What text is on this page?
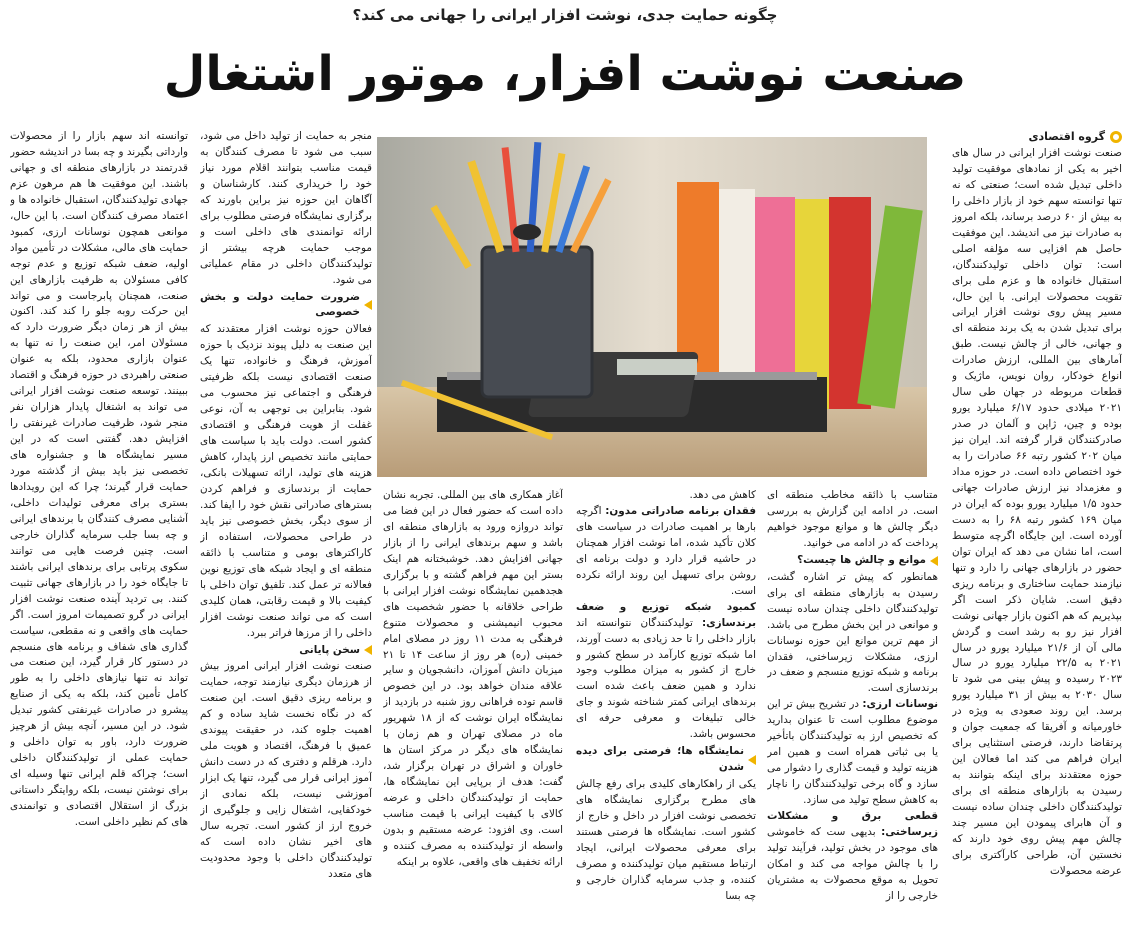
چگونه حمایت جدی، نوشت افزار ایرانی را جهانی می کند؟
صنعت نوشت افزار، موتور اشتغال
گروه اقتصادی

صنعت نوشت افزار ایرانی در سال های اخیر به یکی از نمادهای موفقیت تولید داخلی تبدیل شده است؛ صنعتی که نه تنها توانسته سهم خود از بازار داخلی را به بیش از ۶۰ درصد برساند، بلکه امروز به صادرات نیز می اندیشد. این موفقیت حاصل هم افزایی سه مؤلفه اصلی است: توان داخلی تولیدکنندگان، استقبال خانواده ها و عزم ملی برای تقویت محصولات ایرانی. با این حال، مسیر پیش روی نوشت افزار ایرانی برای تبدیل شدن به یک برند منطقه ای و جهانی، خالی از چالش نیست. طبق آمارهای بین المللی، ارزش صادرات انواع خودکار، روان نویس، ماژیک و قطعات مربوطه در جهان طی سال ۲۰۲۱ میلادی حدود ۶/۱۷ میلیارد یورو بوده و چین، ژاپن و آلمان در صدر صادرکنندگان قرار گرفته اند. ایران نیز میان ۲۰۲ کشور رتبه ۶۶ صادرات را به خود اختصاص داده است. در حوزه مداد و مغزمداد نیز ارزش صادرات جهانی حدود ۱/۵ میلیارد یورو بوده که ایران در میان ۱۶۹ کشور رتبه ۶۸ را به دست آورده است. این جایگاه اگرچه متوسط است، اما نشان می دهد که ایران توان حضور در بازارهای جهانی را دارد و تنها نیازمند حمایت ساختاری و برنامه ریزی دقیق است. شایان ذکر است اگر بپذیریم که هم اکنون بازار جهانی نوشت افزار نیز رو به رشد است و گردش مالی آن از ۲۱/۶ میلیارد یورو در سال ۲۰۲۱ به ۲۲/۵ میلیارد یورو در سال ۲۰۲۳ رسیده و پیش بینی می شود تا سال ۲۰۳۰ به بیش از ۳۱ میلیارد یورو برسد. این روند صعودی به ویژه در خاورمیانه و آفریقا که جمعیت جوان و پرتقاضا دارند، فرصتی استثنایی برای ایران فراهم می کند اما فعالان این حوزه معتقدند برای اینکه بتوانند به رسیدن به بازارهای منطقه ای برای تولیدکنندگان داخلی چندان ساده نیست و آن هابرای پیمودن این مسیر چند چالش مهم پیش روی خود دارند که نخستین آن، طراحی کارآکتری برای عرضه محصولات

متناسب با ذائقه مخاطب منطقه ای است. در ادامه این گزارش به بررسی دیگر چالش ها و موانع موجود خواهیم پرداخت که در ادامه می خوانید.

موانع و چالش ها چیست؟

همانطور که پیش تر اشاره گشت، رسیدن به بازارهای منطقه ای برای تولیدکنندگان داخلی چندان ساده نیست و موانعی در این بخش مطرح می باشد. از مهم ترین موانع این حوزه نوسانات ارزی، مشکلات زیرساختی، فقدان برنامه و شبکه توزیع منسجم و ضعف در برندسازی است.

نوسانات ارزی: در تشریح بیش تر این موضوع مطلوب است تا عنوان بدارید که تخصیص ارز به تولیدکنندگان باتأخیر یا بی ثباتی همراه است و همین امر هزینه تولید و قیمت گذاری را دشوار می سازد و گاه برخی تولیدکنندگان را ناچار به کاهش سطح تولید می سازد.

قطعی برق و مشکلات زیرساختی: بدیهی ست که خاموشی های موجود در بخش تولید، فرآیند تولید را با چالش مواجه می کند و امکان تحویل به موقع محصولات به مشتریان خارجی را از

کاهش می دهد.

فقدان برنامه صادراتی مدون: اگرچه بارها بر اهمیت صادرات در سیاست های کلان تأکید شده، اما نوشت افزار همچنان در حاشیه قرار دارد و دولت برنامه ای روشن برای تسهیل این روند ارائه نکرده است.

کمبود شبکه توزیع و ضعف برندسازی: تولیدکنندگان نتوانسته اند بازار داخلی را تا حد زیادی به دست آورند، اما شبکه توزیع کارآمد در سطح کشور و خارج از کشور به میزان مطلوب وجود ندارد و همین ضعف باعث شده است برندهای ایرانی کمتر شناخته شوند و جای خالی تبلیغات و معرفی حرفه ای محسوس باشد.

نمایشگاه ها؛ فرصتی برای دیده شدن

یکی از راهکارهای کلیدی برای رفع چالش های مطرح برگزاری نمایشگاه های تخصصی نوشت افزار در داخل و خارج از کشور است. نمایشگاه ها فرصتی هستند برای معرفی محصولات ایرانی، ایجاد ارتباط مستقیم میان تولیدکننده و مصرف کننده، و جذب سرمایه گذاران خارجی و چه بسا

آغاز همکاری های بین المللی. تجربه نشان داده است که حضور فعال در این فضا می تواند دروازه ورود به بازارهای منطقه ای باشد و سهم برندهای ایرانی را از بازار جهانی افزایش دهد. خوشبختانه هم اینک بستر این مهم فراهم گشته و با برگزاری هجدهمین نمایشگاه نوشت افزار ایرانی با طراحی خلاقانه با حضور شخصیت های محبوب انیمیشنی و محصولات متنوع فرهنگی به مدت ۱۱ روز در مصلای امام خمینی (ره) هر روز از ساعت ۱۴ تا ۲۱ میزبان دانش آموزان، دانشجویان و سایر علاقه مندان خواهد بود. در این خصوص قاسم توده فراهانی روز شنبه در بازدید از نمایشگاه ایران نوشت که از ۱۸ شهریور ماه در مصلای تهران و هم زمان با نمایشگاه های دیگر در مرکز استان ها خاوران و اشراق در تهران برگزار شد، گفت: هدف از برپایی این نمایشگاه ها، حمایت از تولیدکنندگان داخلی و عرضه کالای با کیفیت ایرانی با قیمت مناسب است. وی افزود: عرضه مستقیم و بدون واسطه از تولیدکننده به مصرف کننده و ارائه تخفیف های واقعی، علاوه بر اینکه

منجر به حمایت از تولید داخل می شود، سبب می شود تا مصرف کنندگان به قیمت مناسب بتوانند اقلام مورد نیاز خود را خریداری کنند. کارشناسان و آگاهان این حوزه نیز براین باورند که برگزاری نمایشگاه فرصتی مطلوب برای ارائه توانمندی های داخلی است و موجب حمایت هرچه بیشتر از تولیدکنندگان داخلی در مقام عملیاتی می شود.

ضرورت حمایت دولت و بخش خصوصی

فعالان حوزه نوشت افزار معتقدند که این صنعت به دلیل پیوند نزدیک با حوزه آموزش، فرهنگ و خانواده، تنها یک صنعت اقتصادی نیست بلکه ظرفیتی فرهنگی و اجتماعی نیز محسوب می شود. بنابراین بی توجهی به آن، نوعی غفلت از هویت فرهنگی و اقتصادی کشور است. دولت باید با سیاست های حمایتی مانند تخصیص ارز پایدار، کاهش هزینه های تولید، ارائه تسهیلات بانکی، حمایت از برندسازی و فراهم کردن بسترهای صادراتی نقش خود را ایفا کند. از سوی دیگر، بخش خصوصی نیز باید در طراحی محصولات، استفاده از کاراکترهای بومی و متناسب با ذائقه منطقه ای و ایجاد شبکه های توزیع نوین فعالانه تر عمل کند. تلفیق توان داخلی با کیفیت بالا و قیمت رقابتی، همان کلیدی است که می تواند صنعت نوشت افزار داخلی را از مرزها فراتر ببرد.

سخن پایانی

صنعت نوشت افزار ایرانی امروز بیش از هرزمان دیگری نیازمند توجه، حمایت و برنامه ریزی دقیق است. این صنعت که در نگاه نخست شاید ساده و کم اهمیت جلوه کند، در حقیقت پیوندی عمیق با فرهنگ، اقتصاد و هویت ملی دارد. هرقلم و دفتری که در دست دانش آموز ایرانی قرار می گیرد، تنها یک ابزار آموزشی نیست، بلکه نمادی از خودکفایی، اشتغال زایی و جلوگیری از خروج ارز از کشور است. تجربه سال های اخیر نشان داده است که تولیدکنندگان داخلی با وجود محدودیت های متعدد

توانسته اند سهم بازار را از محصولات وارداتی بگیرند و چه بسا در اندیشه حضور قدرتمند در بازارهای منطقه ای و جهانی باشند. این موفقیت ها هم مرهون عزم جهادی تولیدکنندگان، استقبال خانواده ها و اعتماد مصرف کنندگان است. با این حال، موانعی همچون نوسانات ارزی، کمبود حمایت های مالی، مشکلات در تأمین مواد اولیه، ضعف شبکه توزیع و عدم توجه کافی مسئولان به ظرفیت بازارهای این صنعت، همچنان پابرجاست و می تواند این حرکت روبه جلو را کند کند. اکنون بیش از هر زمان دیگر ضرورت دارد که مسئولان امر، این صنعت را نه تنها به عنوان بازاری محدود، بلکه به عنوان صنعتی راهبردی در حوزه فرهنگ و اقتصاد ببینند. توسعه صنعت نوشت افزار ایرانی می تواند به اشتغال پایدار هزاران نفر منجر شود، ظرفیت صادرات غیرنفتی را افزایش دهد. گفتنی است که در این مسیر نمایشگاه ها و جشنواره های تخصصی نیز باید بیش از گذشته مورد حمایت قرار گیرند؛ چرا که این رویدادها بستری برای معرفی تولیدات داخلی، آشنایی مصرف کنندگان با برندهای ایرانی و چه بسا جلب سرمایه گذاران خارجی است. چنین فرصت هایی می توانند سکوی پرتابی برای برندهای ایرانی باشند تا جایگاه خود را در بازارهای جهانی تثبیت کنند. بی تردید آینده صنعت نوشت افزار ایرانی در گرو تصمیمات امروز است. اگر حمایت های واقعی و نه مقطعی، سیاست گذاری های شفاف و برنامه های منسجم در دستور کار قرار گیرد، این صنعت می تواند نه تنها نیازهای داخلی را به طور کامل تأمین کند، بلکه به یکی از صنایع پیشرو در صادرات غیرنفتی کشور تبدیل شود. در این مسیر، آنچه بیش از هرچیز ضرورت دارد، باور به توان داخلی و حمایت عملی از تولیدکنندگان داخلی است؛ چراکه قلم ایرانی تنها وسیله ای برای نوشتن نیست، بلکه روایتگر داستانی بزرگ از استقلال اقتصادی و توانمندی های کم نظیر داخلی است.
